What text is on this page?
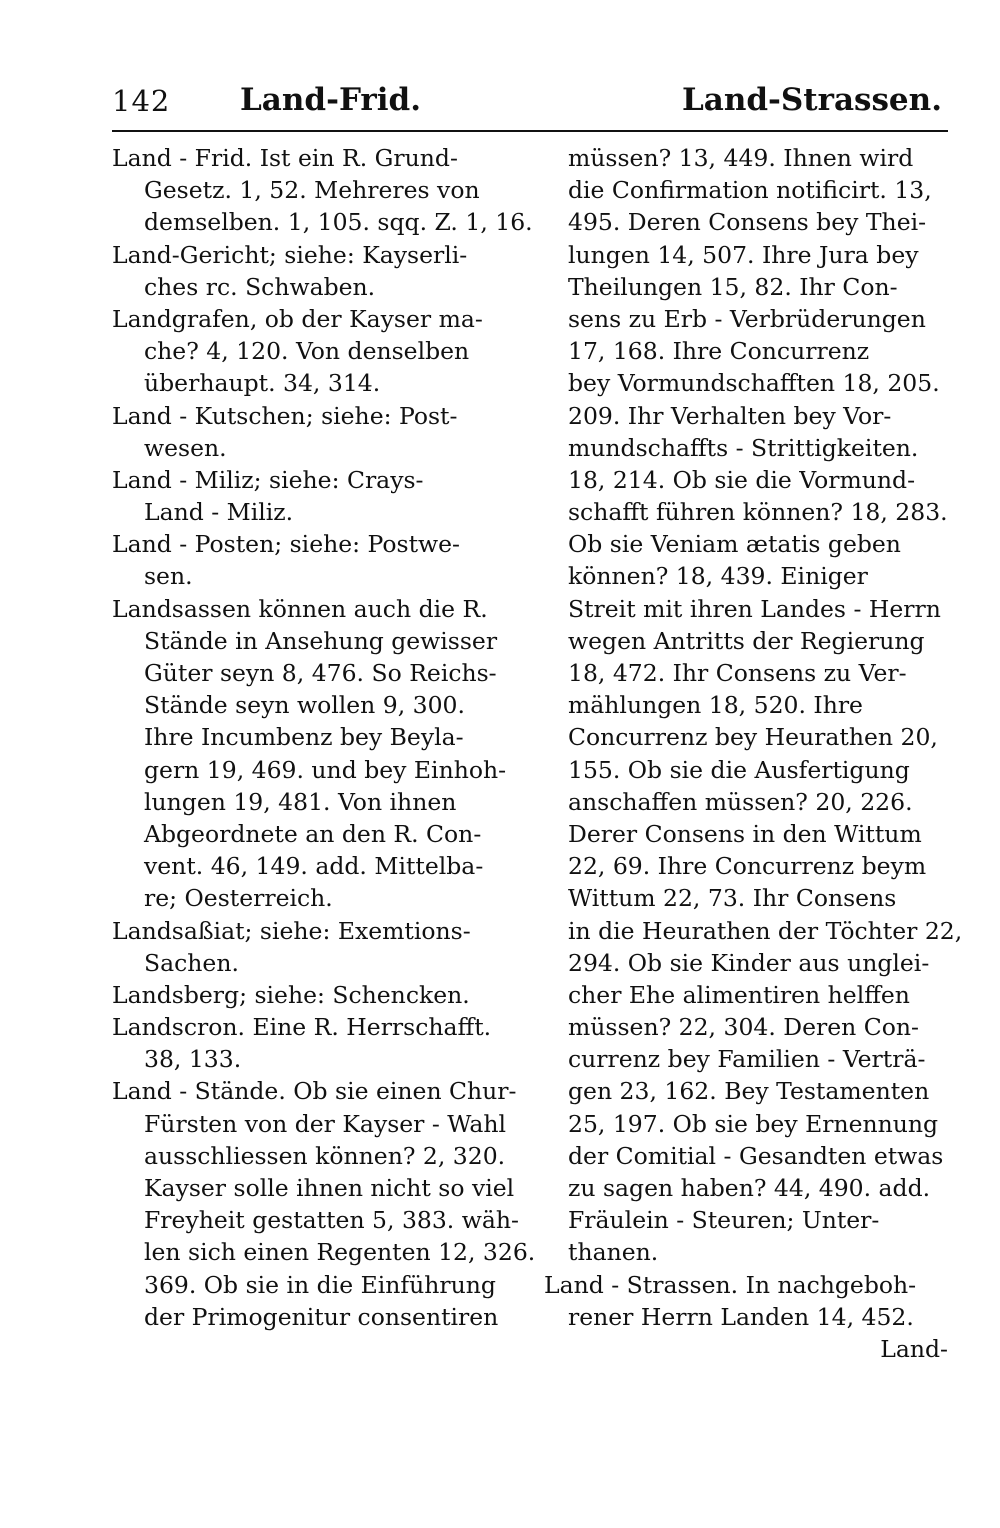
142 Land-Frid.	Land-Strassen.
Land - Frid. Ist ein R. Grund-
Gesetz. 1, 52. Mehreres von
demselben. 1, 105. sqq. Z. 1, 16.
Land-Gericht; siehe: Kayserli-
ches rc. Schwaben.
Landgrafen, ob der Kayser ma-
che? 4, 120. Von denselben
überhaupt. 34, 314.
Land - Kutschen; siehe: Post-
wesen.
Land - Miliz; siehe: Crays-
Land - Miliz.
Land - Posten; siehe: Postwe-
sen.
Landsassen können auch die R.
Stände in Ansehung gewisser
Güter seyn 8, 476. So Reichs-
Stände seyn wollen 9, 300.
Ihre Incumbenz bey Beyla-
gern 19, 469. und bey Einhoh-
lungen 19, 481. Von ihnen
Abgeordnete an den R. Con-
vent. 46, 149. add. Mittelba-
re; Oesterreich.
Landsaßiat; siehe: Exemtions-
Sachen.
Landsberg; siehe: Schencken.
Landscron. Eine R. Herrschafft.
38, 133.
Land - Stände. Ob sie einen Chur-
Fürsten von der Kayser - Wahl
ausschliessen können? 2, 320.
Kayser solle ihnen nicht so viel
Freyheit gestatten 5, 383. wäh-
len sich einen Regenten 12, 326.
369. Ob sie in die Einführung
der Primogenitur consentiren
müssen? 13, 449. Ihnen wird
die Confirmation notificirt. 13,
495. Deren Consens bey Thei-
lungen 14, 507. Ihre Jura bey
Theilungen 15, 82. Ihr Con-
sens zu Erb - Verbrüderungen
17, 168. Ihre Concurrenz
bey Vormundschafften 18, 205.
209. Ihr Verhalten bey Vor-
mundschaffts - Strittigkeiten.
18, 214. Ob sie die Vormund-
schafft führen können? 18, 283.
Ob sie Veniam ætatis geben
können? 18, 439. Einiger
Streit mit ihren Landes - Herrn
wegen Antritts der Regierung
18, 472. Ihr Consens zu Ver-
mählungen 18, 520. Ihre
Concurrenz bey Heurathen 20,
155. Ob sie die Ausfertigung
anschaffen müssen? 20, 226.
Derer Consens in den Wittum
22, 69. Ihre Concurrenz beym
Wittum 22, 73. Ihr Consens
in die Heurathen der Töchter 22,
294. Ob sie Kinder aus unglei-
cher Ehe alimentiren helffen
müssen? 22, 304. Deren Con-
currenz bey Familien - Verträ-
gen 23, 162. Bey Testamenten
25, 197. Ob sie bey Ernennung
der Comitial - Gesandten etwas
zu sagen haben? 44, 490. add.
Fräulein - Steuren; Unter-
thanen.
Land - Strassen. In nachgeboh-
rener Herrn Landen 14, 452.
Land-
